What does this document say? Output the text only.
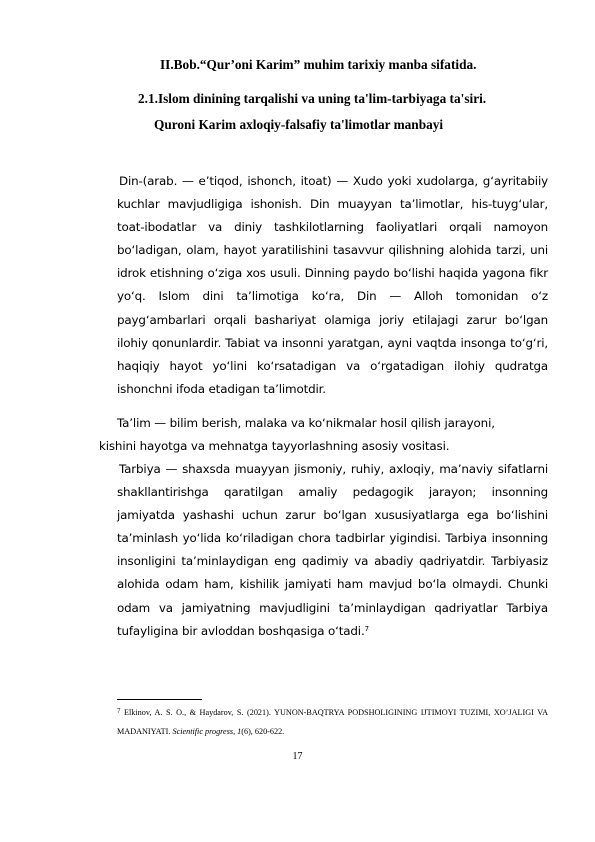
II.Bob.“Qur’oni Karim” muhim tarixiy manba sifatida.
2.1.Islom dinining tarqalishi va uning ta'lim-tarbiyaga ta'siri.
Quroni Karim axloqiy-falsafiy ta'limotlar manbayi

Din-(arab. — e’tiqod, ishonch, itoat) — Xudo yoki xudolarga, g‘ayritabiiy kuchlar mavjudligiga ishonish. Din muayyan ta’limotlar, his-tuyg‘ular, toat-ibodatlar va diniy tashkilotlarning faoliyatlari orqali namoyon bo‘ladigan, olam, hayot yaratilishini tasavvur qilishning alohida tarzi, uni idrok etishning o‘ziga xos usuli. Dinning paydo bo‘lishi haqida yagona fikr yo‘q. Islom dini ta’limotiga ko‘ra, Din — Alloh tomonidan o‘z payg‘ambarlari orqali bashariyat olamiga joriy etilajagi zarur bo‘lgan ilohiy qonunlardir. Tabiat va insonni yaratgan, ayni vaqtda insonga to‘g‘ri, haqiqiy hayot yo‘lini ko‘rsatadigan va o‘rgatadigan ilohiy qudratga ishonchni ifoda etadigan ta’limotdir.

Ta’lim — bilim berish, malaka va ko‘nikmalar hosil qilish jarayoni,
kishini hayotga va mehnatga tayyorlashning asosiy vositasi.

Tarbiya — shaxsda muayyan jismoniy, ruhiy, axloqiy, ma’naviy sifatlarni shakllantirishga qaratilgan amaliy pedagogik jarayon; insonning jamiyatda yashashi uchun zarur bo‘lgan xususiyatlarga ega bo‘lishini ta’minlash yo‘lida ko‘riladigan chora tadbirlar yigindisi. Tarbiya insonning insonligini ta’minlaydigan eng qadimiy va abadiy qadriyatdir. Tarbiyasiz alohida odam ham, kishilik jamiyati ham mavjud bo‘la olmaydi. Chunki odam va jamiyatning mavjudligini ta’minlaydigan qadriyatlar Tarbiya tufayligina bir avloddan boshqasiga o‘tadi.$^7$

7 Elkinov, A. S. O., & Haydarov, S. (2021). YUNON-BAQTRYA PODSHOLIGINING IJTIMOYI TUZIMI, XO’JALIGI VA MADANIYATI. Scientific progress, 1(6), 620-622.
17
